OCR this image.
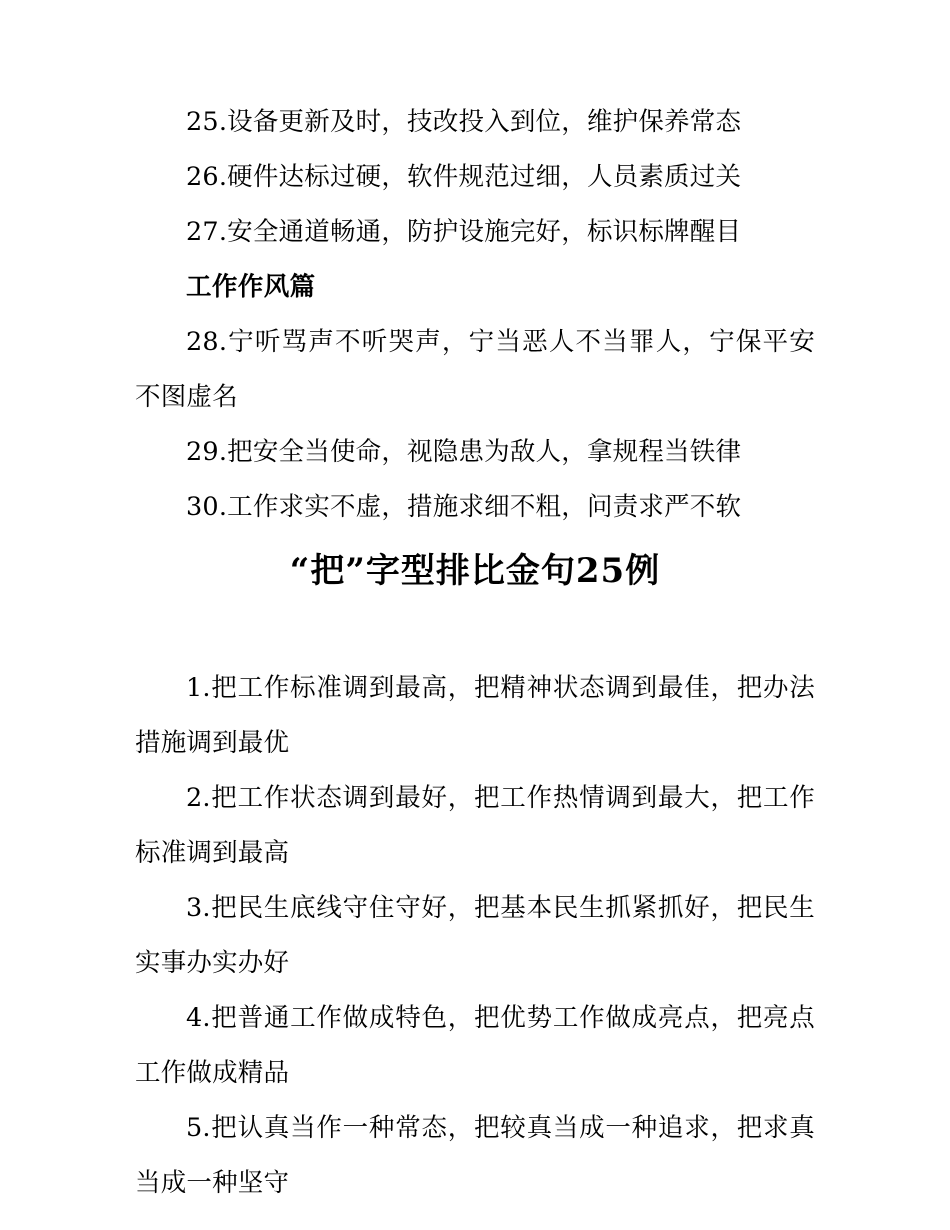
25.设备更新及时，技改投入到位，维护保养常态

26.硬件达标过硬，软件规范过细，人员素质过关

27.安全通道畅通，防护设施完好，标识标牌醒目

工作作风篇

28.宁听骂声不听哭声，宁当恶人不当罪人，宁保平安不图虚名

29.把安全当使命，视隐患为敌人，拿规程当铁律

30.工作求实不虚，措施求细不粗，问责求严不软

“把”字型排比金句25例

1.把工作标准调到最高，把精神状态调到最佳，把办法措施调到最优

2.把工作状态调到最好，把工作热情调到最大，把工作标准调到最高

3.把民生底线守住守好，把基本民生抓紧抓好，把民生实事办实办好

4.把普通工作做成特色，把优势工作做成亮点，把亮点工作做成精品

5.把认真当作一种常态，把较真当成一种追求，把求真当成一种坚守
